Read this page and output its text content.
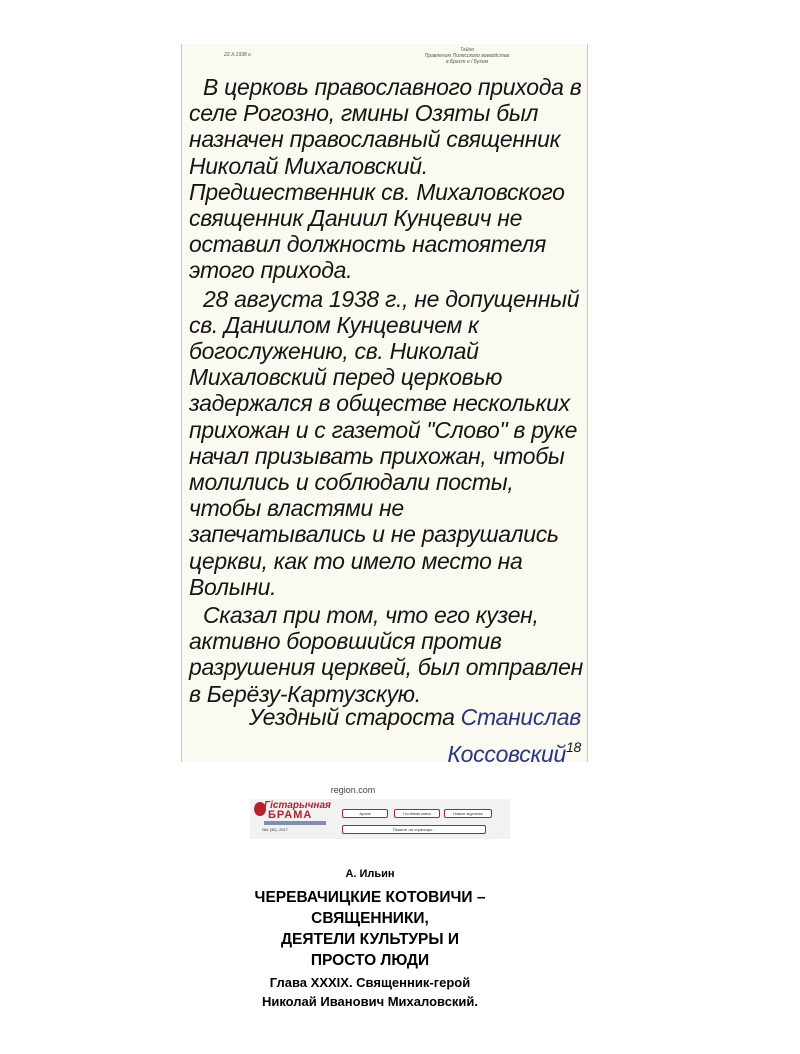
22.X.1938 г.
Тайно
Правлению Полесского воеводства
в Брест н / Бугом

В церковь православного прихода в селе Рогозно, гмины Озяты был назначен православный священник Николай Михаловский. Предшественник св. Михаловского священник Даниил Кунцевич не оставил должность настоятеля этого прихода.

28 августа 1938 г., не допущенный св. Даниилом Кунцевичем к богослужению, св. Николай Михаловский перед церковью задержался в обществе нескольких прихожан и с газетой "Слово" в руке начал призывать прихожан, чтобы молились и соблюдали посты, чтобы властями не запечатывались и не разрушались церкви, как то имело место на Волыни.

Сказал при том, что его кузен, активно боровшийся против разрушения церквей, был отправлен в Берёзу-Картузскую.

Уездный староста Станислав
Коссовский$^{18}$
region.com
Гістарычная
БРАМА
№1 (30), 2017
Архив	Гостевая книга	Новые журналы
Пишите на страницы...
А. Ильин
ЧЕРЕВАЧИЦКИЕ КОТОВИЧИ –
СВЯЩЕННИКИ,
ДЕЯТЕЛИ КУЛЬТУРЫ И
ПРОСТО ЛЮДИ
Глава XXXIX. Священник-герой
Николай Иванович Михаловский.
